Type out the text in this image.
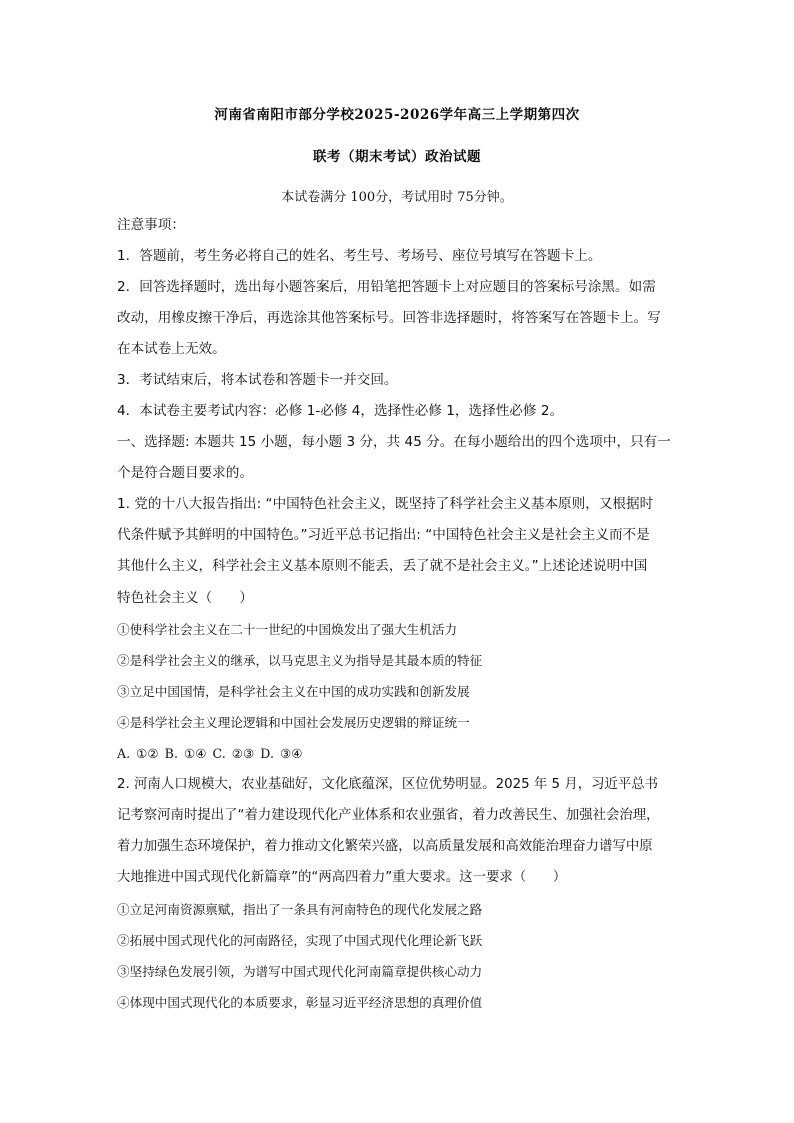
河南省南阳市部分学校2025-2026学年高三上学期第四次
联考（期末考试）政治试题
本试卷满分 100分，考试用时 75分钟。
注意事项：
1．答题前，考生务必将自己的姓名、考生号、考场号、座位号填写在答题卡上。
2．回答选择题时，选出每小题答案后，用铅笔把答题卡上对应题目的答案标号涂黑。如需
改动，用橡皮擦干净后，再选涂其他答案标号。回答非选择题时，将答案写在答题卡上。写
在本试卷上无效。
3．考试结束后，将本试卷和答题卡一并交回。
4．本试卷主要考试内容：必修 1-必修 4，选择性必修 1，选择性必修 2。
一、选择题: 本题共 15 小题，每小题 3 分，共 45 分。在每小题给出的四个选项中，只有一
个是符合题目要求的。
1. 党的十八大报告指出: “中国特色社会主义，既坚持了科学社会主义基本原则，又根据时
代条件赋予其鲜明的中国特色。”习近平总书记指出: “中国特色社会主义是社会主义而不是
其他什么主义，科学社会主义基本原则不能丢，丢了就不是社会主义。”上述论述说明中国
特色社会主义（　　）
①使科学社会主义在二十一世纪的中国焕发出了强大生机活力
②是科学社会主义的继承，以马克思主义为指导是其最本质的特征
③立足中国国情，是科学社会主义在中国的成功实践和创新发展
④是科学社会主义理论逻辑和中国社会发展历史逻辑的辩证统一
A. ①② B. ①④ C. ②③ D. ③④
2. 河南人口规模大，农业基础好，文化底蕴深，区位优势明显。2025 年 5 月，习近平总书
记考察河南时提出了“着力建设现代化产业体系和农业强省，着力改善民生、加强社会治理，
着力加强生态环境保护，着力推动文化繁荣兴盛，以高质量发展和高效能治理奋力谱写中原
大地推进中国式现代化新篇章”的“两高四着力”重大要求。这一要求（　　）
①立足河南资源禀赋，指出了一条具有河南特色的现代化发展之路
②拓展中国式现代化的河南路径，实现了中国式现代化理论新飞跃
③坚持绿色发展引领，为谱写中国式现代化河南篇章提供核心动力
④体现中国式现代化的本质要求，彰显习近平经济思想的真理价值
